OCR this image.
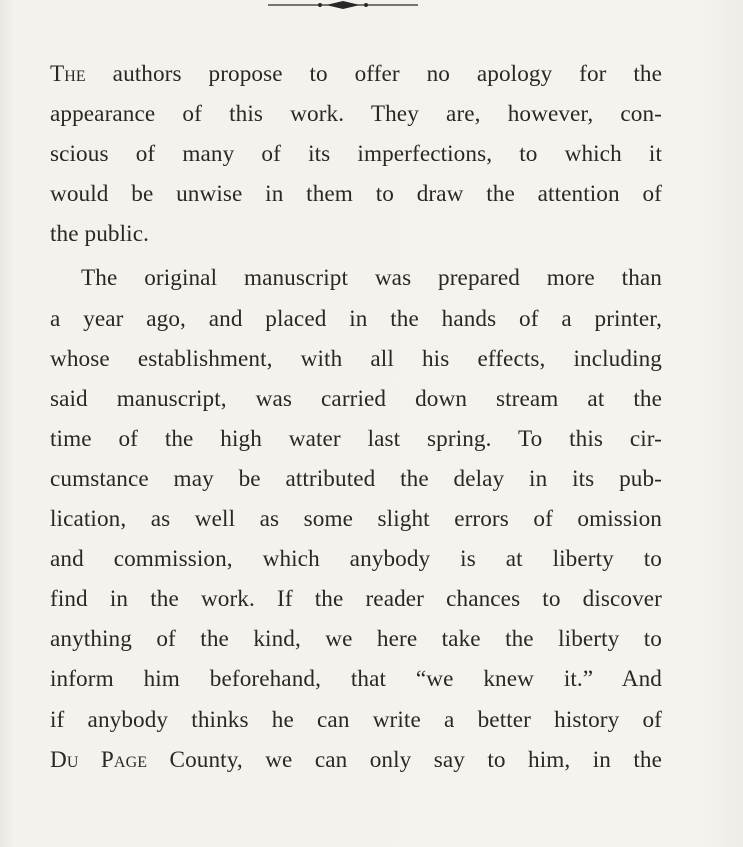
The authors propose to offer no apology for the
appearance of this work. They are, however, con-
scious of many of its imperfections, to which it
would be unwise in them to draw the attention of
the public.
The original manuscript was prepared more than
a year ago, and placed in the hands of a printer,
whose establishment, with all his effects, including
said manuscript, was carried down stream at the
time of the high water last spring. To this cir-
cumstance may be attributed the delay in its pub-
lication, as well as some slight errors of omission
and commission, which anybody is at liberty to
find in the work. If the reader chances to discover
anything of the kind, we here take the liberty to
inform him beforehand, that “we knew it.” And
if anybody thinks he can write a better history of
Du Page County, we can only say to him, in the
